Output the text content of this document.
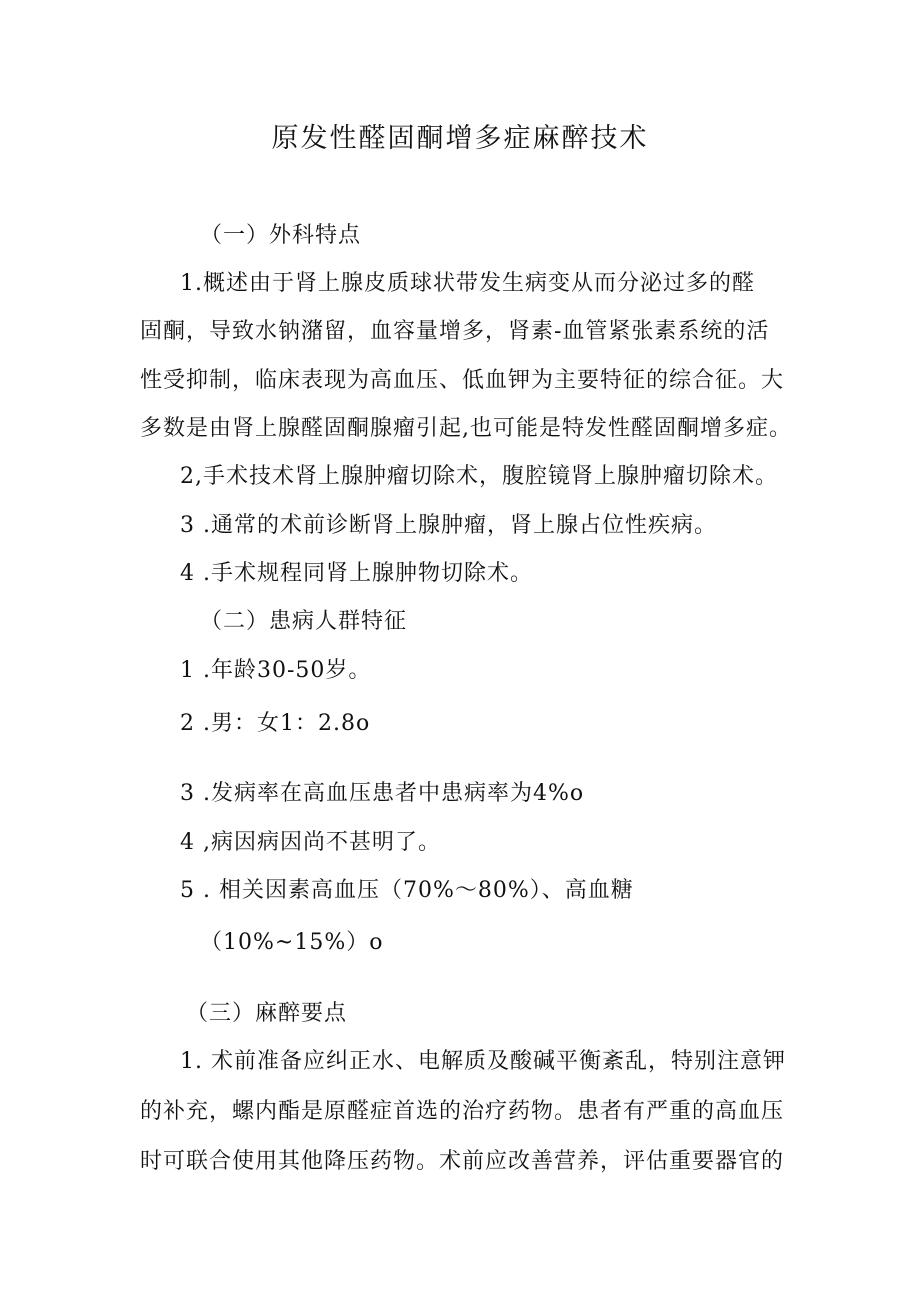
原发性醛固酮增多症麻醉技术
（一）外科特点
1.概述由于肾上腺皮质球状带发生病变从而分泌过多的醛
固酮，导致水钠潴留，血容量增多，肾素-血管紧张素系统的活
性受抑制，临床表现为高血压、低血钾为主要特征的综合征。大
多数是由肾上腺醛固酮腺瘤引起,也可能是特发性醛固酮增多症。
2,手术技术肾上腺肿瘤切除术，腹腔镜肾上腺肿瘤切除术。
3 .通常的术前诊断肾上腺肿瘤，肾上腺占位性疾病。
4 .手术规程同肾上腺肿物切除术。
（二）患病人群特征
1 .年龄30-50岁。
2 .男：女1：2.8o
3 .发病率在高血压患者中患病率为4%o
4 ,病因病因尚不甚明了。
5 . 相关因素高血压（70%～80%）、高血糖
（10%~15%）o
（三）麻醉要点
1. 术前准备应纠正水、电解质及酸碱平衡紊乱，特别注意钾
的补充，螺内酯是原醛症首选的治疗药物。患者有严重的高血压
时可联合使用其他降压药物。术前应改善营养，评估重要器官的
